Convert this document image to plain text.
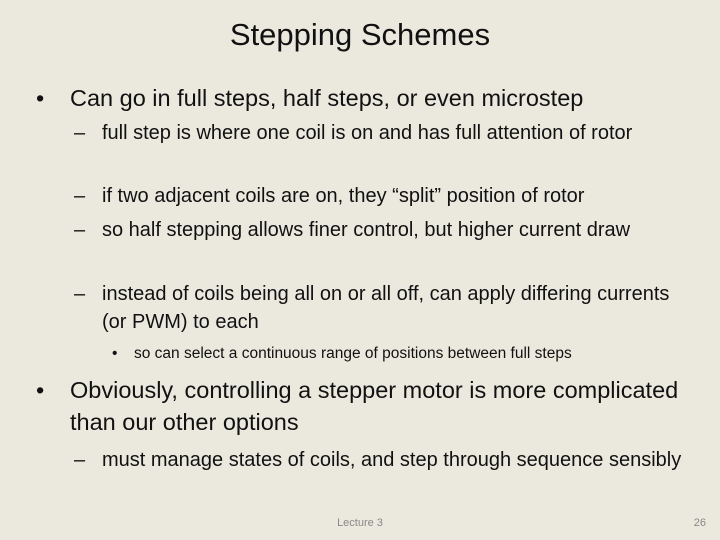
Stepping Schemes
•	Can go in full steps, half steps, or even microstep
– full step is where one coil is on and has full attention of rotor
– if two adjacent coils are on, they “split” position of rotor
– so half stepping allows finer control, but higher current draw
– instead of coils being all on or all off, can apply differing currents (or PWM) to each
•	so can select a continuous range of positions between full steps
•	Obviously, controlling a stepper motor is more complicated than our other options
– must manage states of coils, and step through sequence sensibly
Lecture 3	26
